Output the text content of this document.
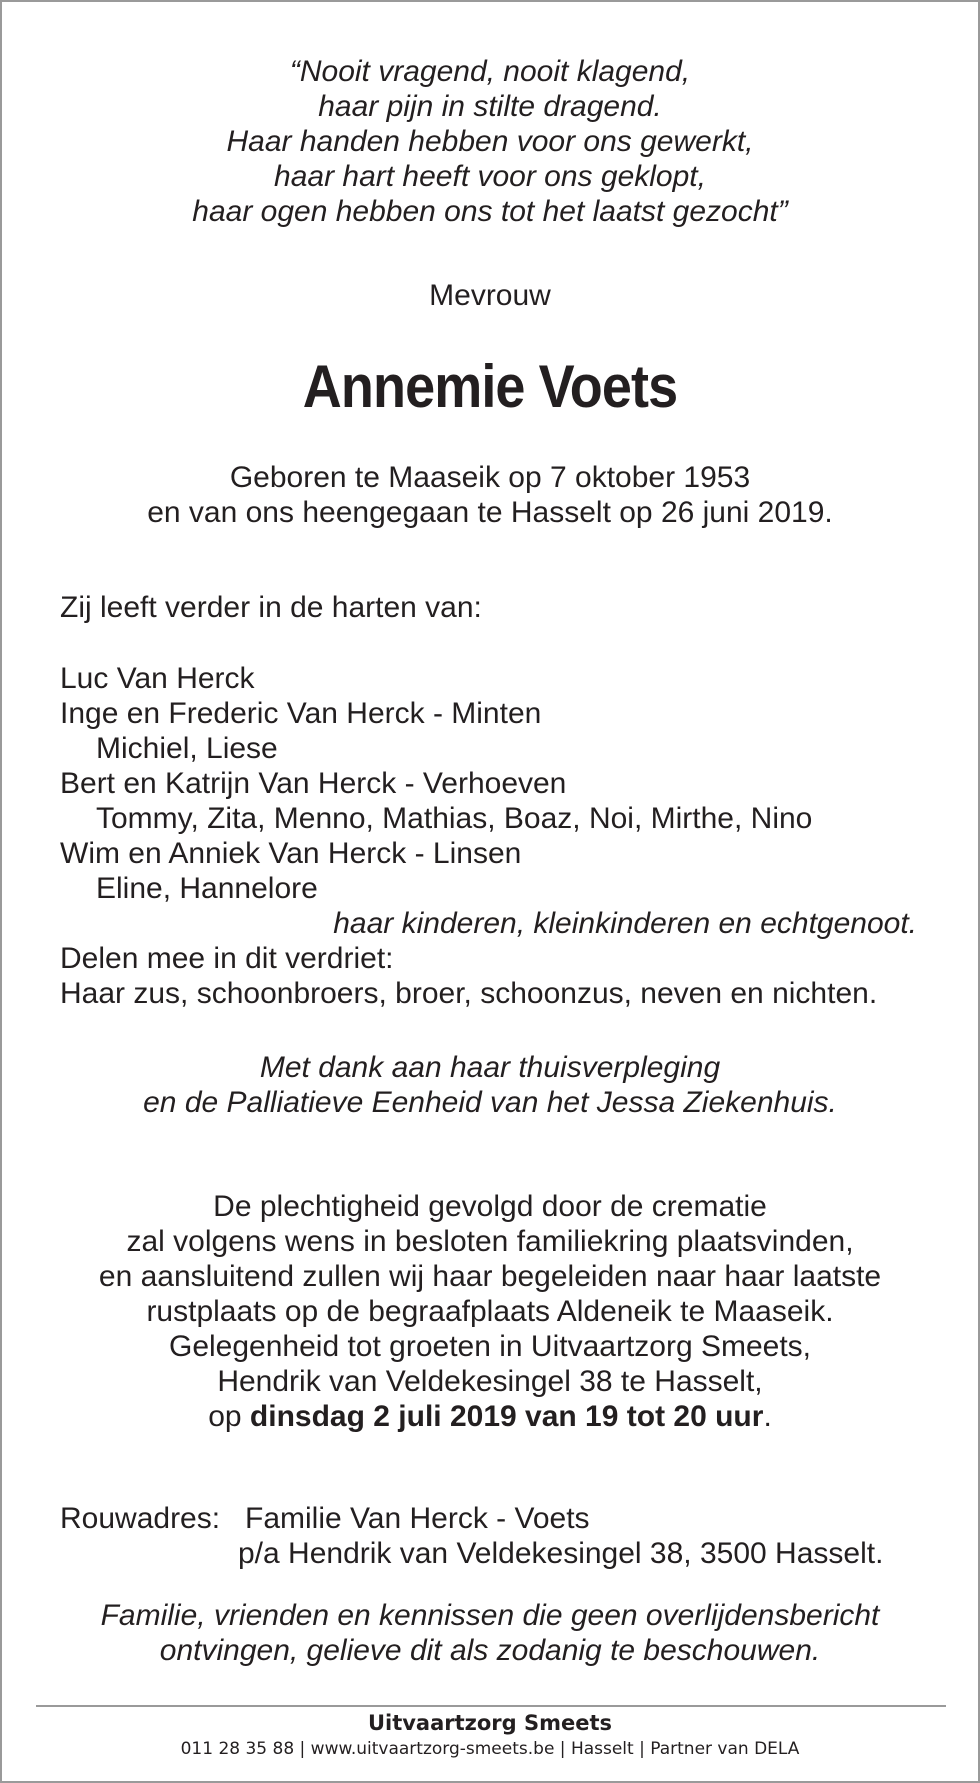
“Nooit vragend, nooit klagend,
haar pijn in stilte dragend.
Haar handen hebben voor ons gewerkt,
haar hart heeft voor ons geklopt,
haar ogen hebben ons tot het laatst gezocht”
Mevrouw
Annemie Voets
Geboren te Maaseik op 7 oktober 1953
en van ons heengegaan te Hasselt op 26 juni 2019.
Zij leeft verder in de harten van:
Luc Van Herck
Inge en Frederic Van Herck - Minten
Michiel, Liese
Bert en Katrijn Van Herck - Verhoeven
Tommy, Zita, Menno, Mathias, Boaz, Noi, Mirthe, Nino
Wim en Anniek Van Herck - Linsen
Eline, Hannelore
haar kinderen, kleinkinderen en echtgenoot.
Delen mee in dit verdriet:
Haar zus, schoonbroers, broer, schoonzus, neven en nichten.
Met dank aan haar thuisverpleging
en de Palliatieve Eenheid van het Jessa Ziekenhuis.
De plechtigheid gevolgd door de crematie
zal volgens wens in besloten familiekring plaatsvinden,
en aansluitend zullen wij haar begeleiden naar haar laatste
rustplaats op de begraafplaats Aldeneik te Maaseik.
Gelegenheid tot groeten in Uitvaartzorg Smeets,
Hendrik van Veldekesingel 38 te Hasselt,
op dinsdag 2 juli 2019 van 19 tot 20 uur.
Rouwadres: Familie Van Herck - Voets
p/a Hendrik van Veldekesingel 38, 3500 Hasselt.
Familie, vrienden en kennissen die geen overlijdensbericht
ontvingen, gelieve dit als zodanig te beschouwen.
Uitvaartzorg Smeets
011 28 35 88 | www.uitvaartzorg-smeets.be | Hasselt | Partner van DELA
